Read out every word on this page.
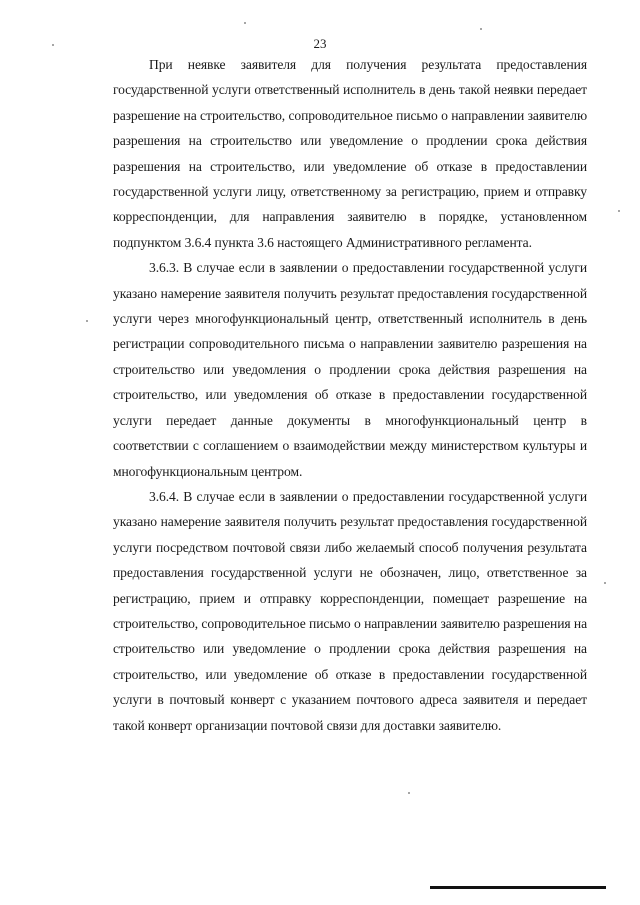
23

При неявке заявителя для получения результата предоставления государственной услуги ответственный исполнитель в день такой неявки передает разрешение на строительство, сопроводительное письмо о направлении заявителю разрешения на строительство или уведомление о продлении срока действия разрешения на строительство, или уведомление об отказе в предоставлении государственной услуги лицу, ответственному за регистрацию, прием и отправку корреспонденции, для направления заявителю в порядке, установленном подпунктом 3.6.4 пункта 3.6 настоящего Административного регламента.

3.6.3. В случае если в заявлении о предоставлении государственной услуги указано намерение заявителя получить результат предоставления государственной услуги через многофункциональный центр, ответственный исполнитель в день регистрации сопроводительного письма о направлении заявителю разрешения на строительство или уведомления о продлении срока действия разрешения на строительство, или уведомления об отказе в предоставлении государственной услуги передает данные документы в многофункциональный центр в соответствии с соглашением о взаимодействии между министерством культуры и многофункциональным центром.

3.6.4. В случае если в заявлении о предоставлении государственной услуги указано намерение заявителя получить результат предоставления государственной услуги посредством почтовой связи либо желаемый способ получения результата предоставления государственной услуги не обозначен, лицо, ответственное за регистрацию, прием и отправку корреспонденции, помещает разрешение на строительство, сопроводительное письмо о направлении заявителю разрешения на строительство или уведомление о продлении срока действия разрешения на строительство, или уведомление об отказе в предоставлении государственной услуги в почтовый конверт с указанием почтового адреса заявителя и передает такой конверт организации почтовой связи для доставки заявителю.
